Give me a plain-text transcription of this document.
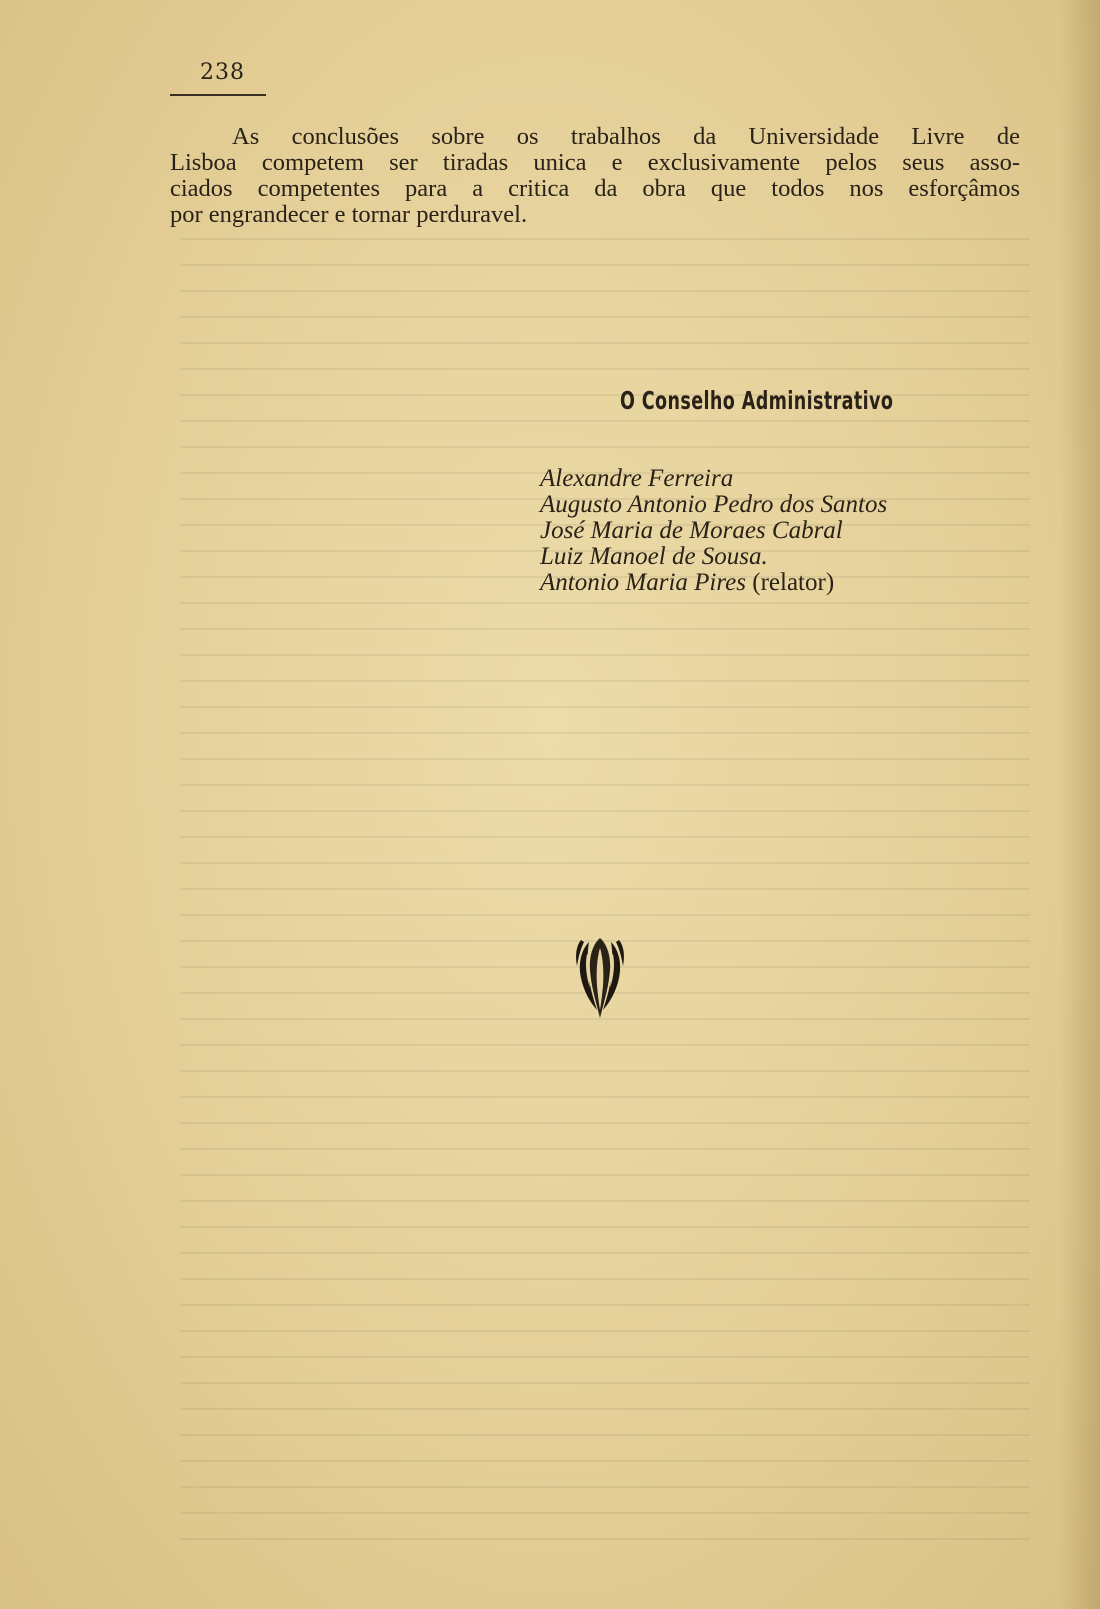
238

As conclusões sobre os trabalhos da Universidade Livre de
Lisboa competem ser tiradas unica e exclusivamente pelos seus asso-
ciados competentes para a critica da obra que todos nos esforçâmos
por engrandecer e tornar perduravel.

O Conselho Administrativo
Alexandre Ferreira
Augusto Antonio Pedro dos Santos
José Maria de Moraes Cabral
Luiz Manoel de Sousa.
Antonio Maria Pires (relator)
